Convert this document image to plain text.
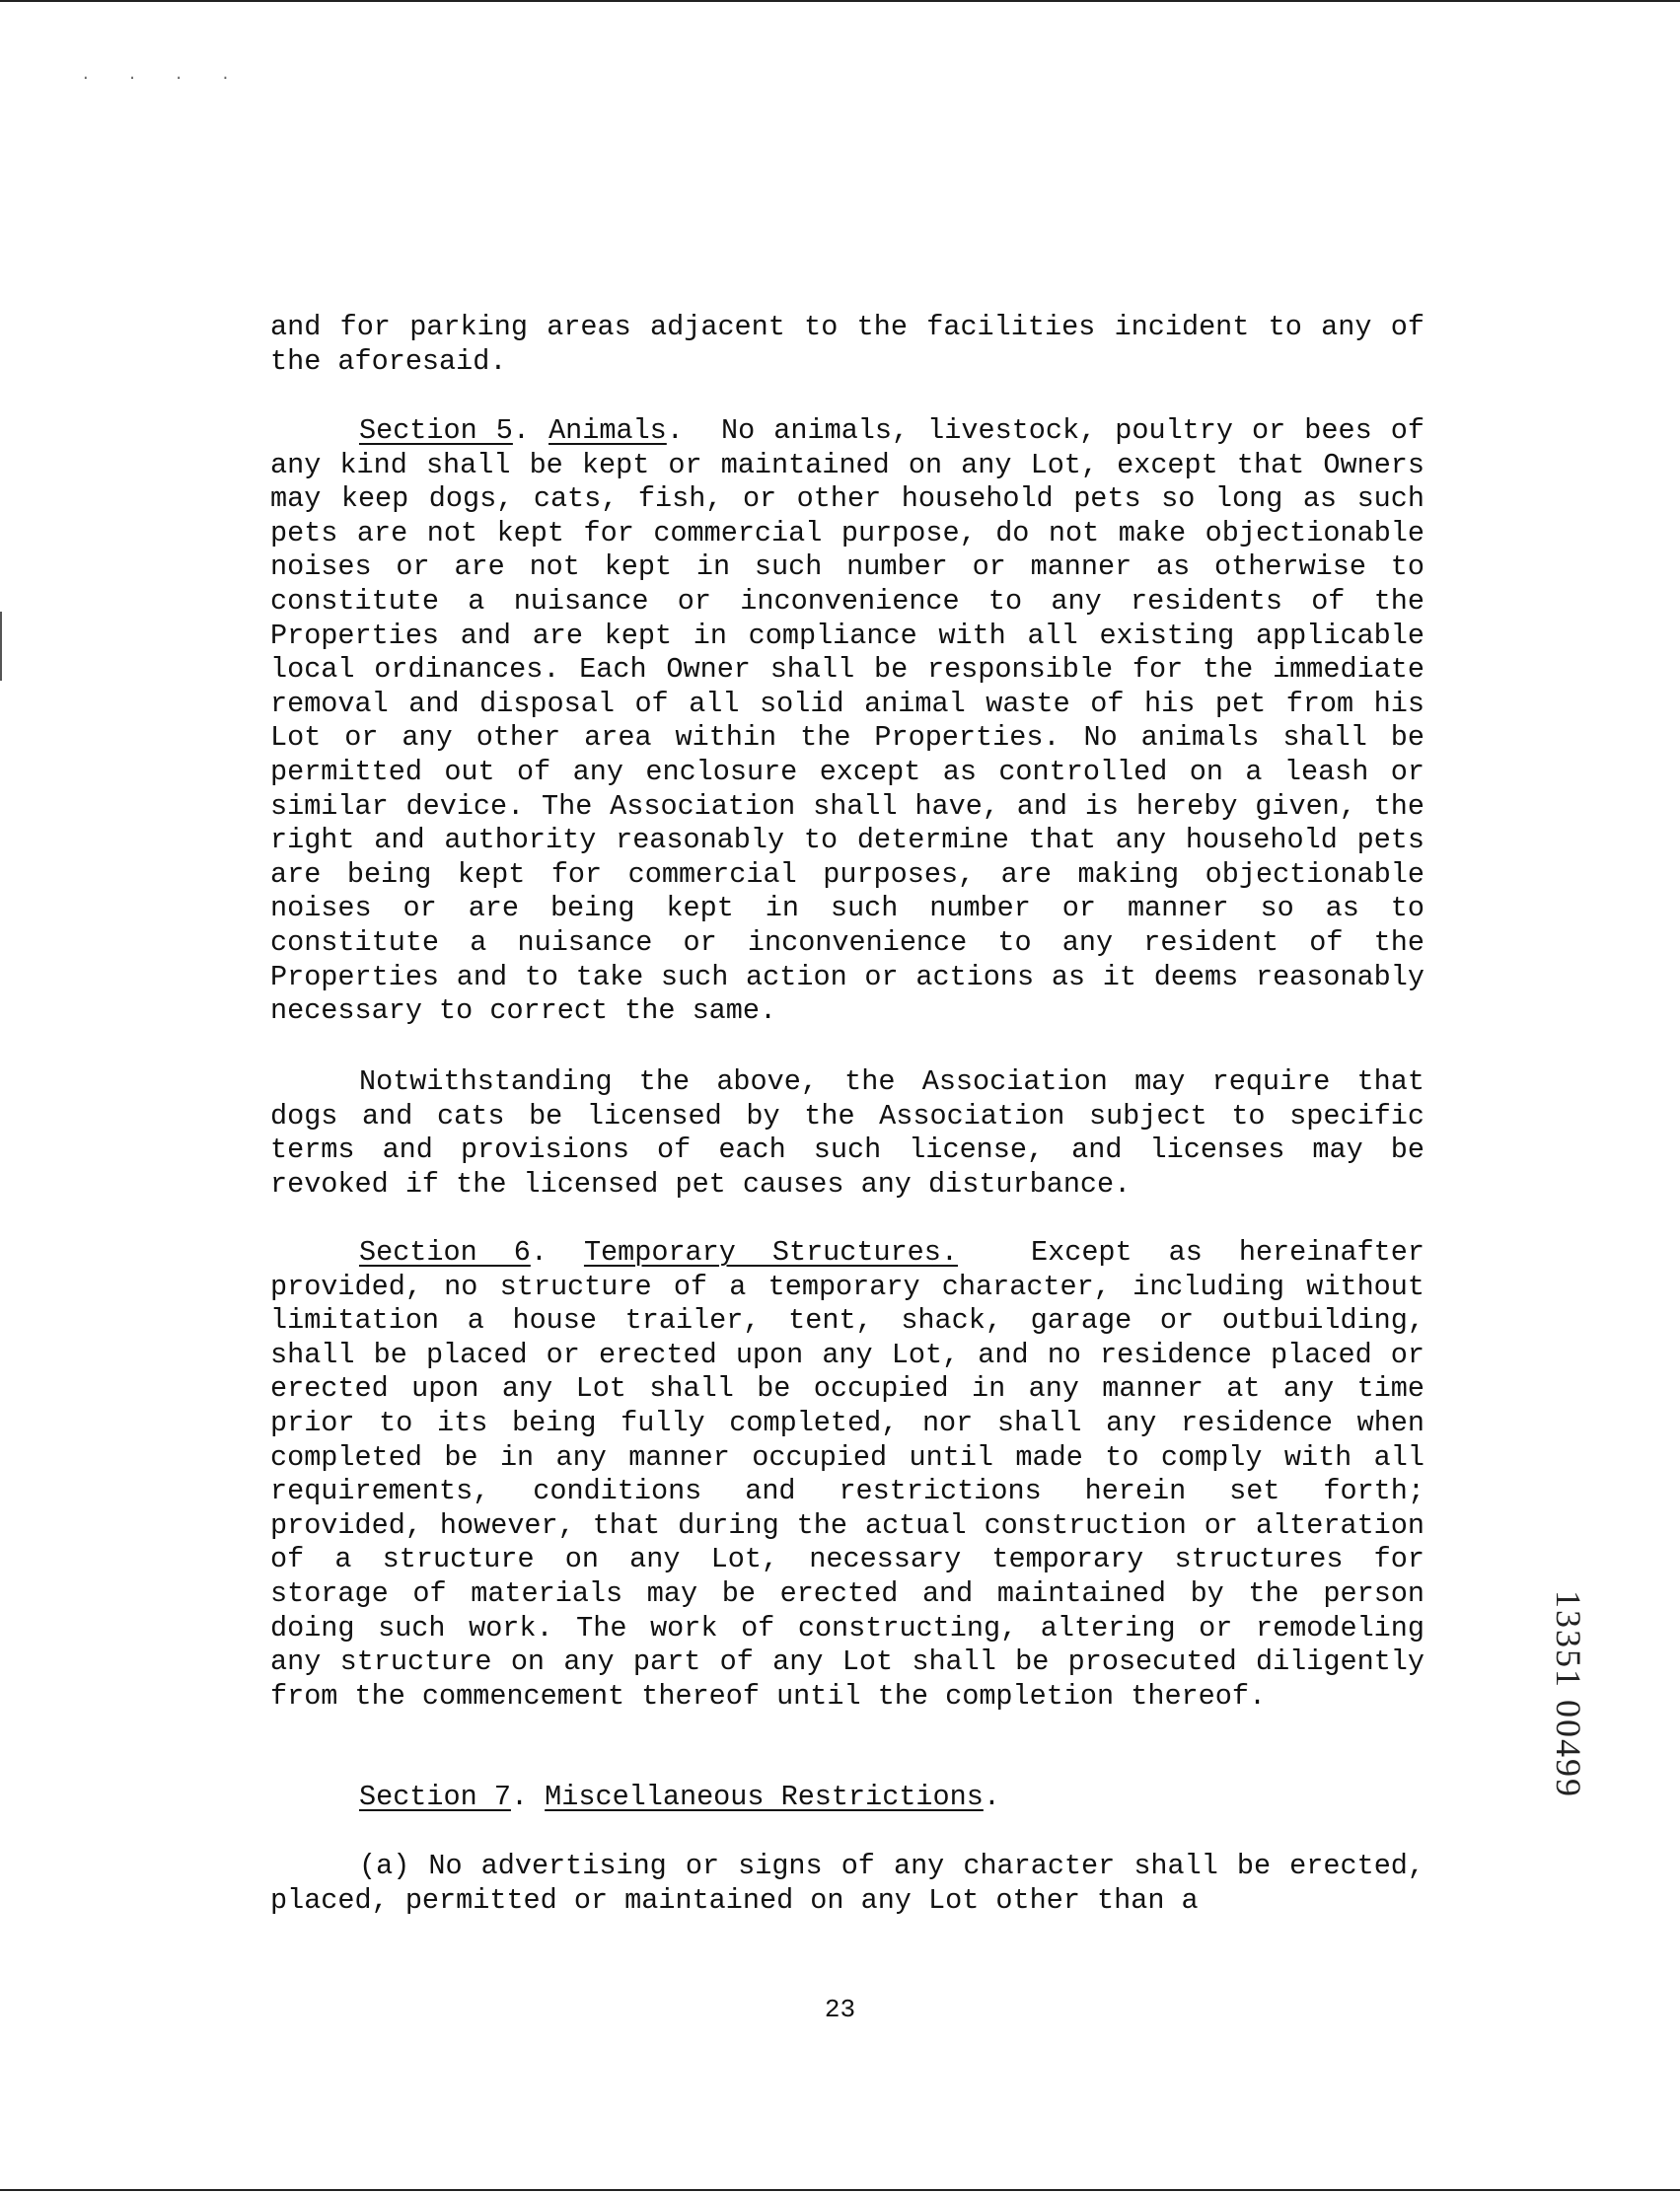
· · · ·

and for parking areas adjacent to the facilities incident to any of the aforesaid.

Section 5. Animals. No animals, livestock, poultry or bees of any kind shall be kept or maintained on any Lot, except that Owners may keep dogs, cats, fish, or other household pets so long as such pets are not kept for commercial purpose, do not make objectionable noises or are not kept in such number or manner as otherwise to constitute a nuisance or inconvenience to any residents of the Properties and are kept in compliance with all existing applicable local ordinances. Each Owner shall be responsible for the immediate removal and disposal of all solid animal waste of his pet from his Lot or any other area within the Properties. No animals shall be permitted out of any enclosure except as controlled on a leash or similar device. The Association shall have, and is hereby given, the right and authority reasonably to determine that any household pets are being kept for commercial purposes, are making objectionable noises or are being kept in such number or manner so as to constitute a nuisance or inconvenience to any resident of the Properties and to take such action or actions as it deems reasonably necessary to correct the same.

Notwithstanding the above, the Association may require that dogs and cats be licensed by the Association subject to specific terms and provisions of each such license, and licenses may be revoked if the licensed pet causes any disturbance.

Section 6. Temporary Structures.	Except as hereinafter provided, no structure of a temporary character, including without limitation a house trailer, tent, shack, garage or outbuilding, shall be placed or erected upon any Lot, and no residence placed or erected upon any Lot shall be occupied in any manner at any time prior to its being fully completed, nor shall any residence when completed be in any manner occupied until made to comply with all requirements, conditions and restrictions herein set forth; provided, however, that during the actual construction or alteration of a structure on any Lot, necessary temporary structures for storage of materials may be erected and maintained by the person doing such work. The work of constructing, altering or remodeling any structure on any part of any Lot shall be prosecuted diligently from the commencement thereof until the completion thereof.

Section 7. Miscellaneous Restrictions.

(a) No advertising or signs of any character shall be erected, placed, permitted or maintained on any Lot other than a

23
13351 00499
